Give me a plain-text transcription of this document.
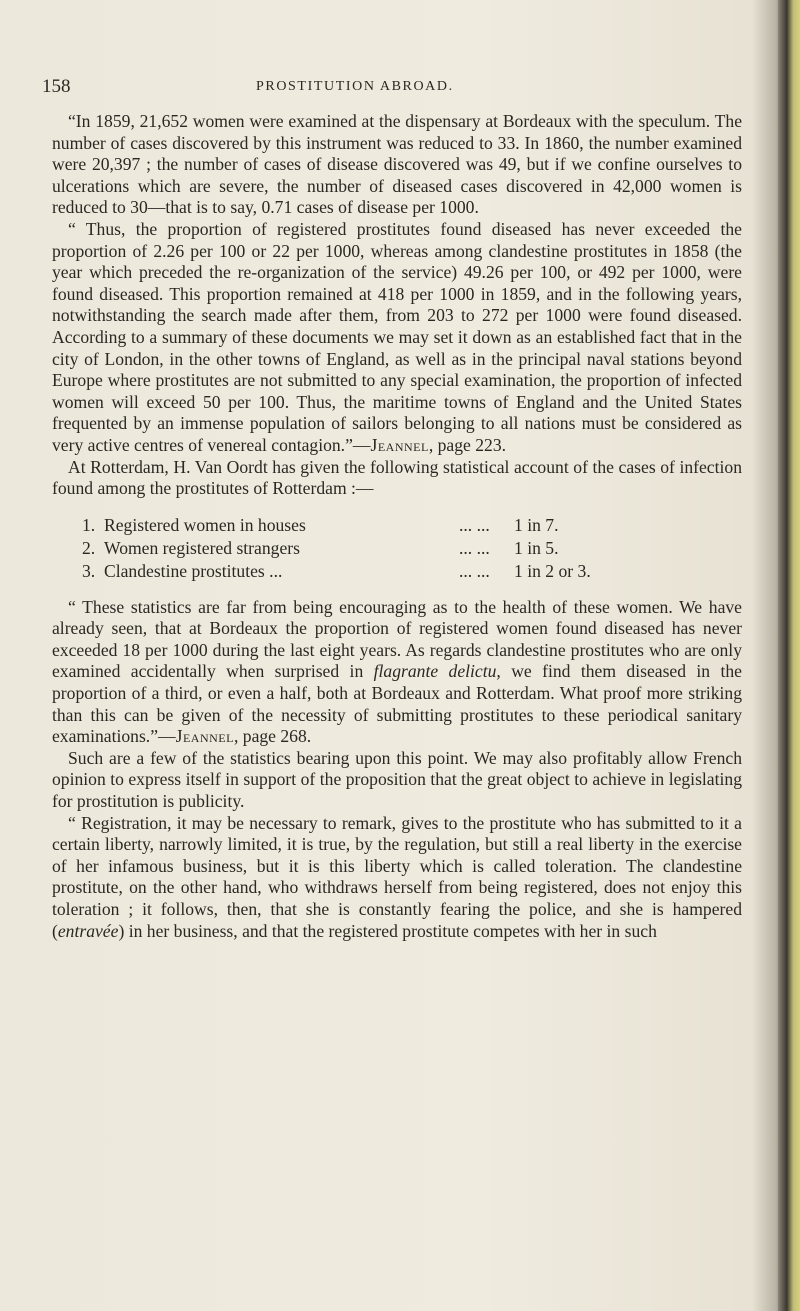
158	PROSTITUTION ABROAD.

“In 1859, 21,652 women were examined at the dispensary at Bordeaux with the speculum. The number of cases discovered by this instrument was reduced to 33. In 1860, the number examined were 20,397 ; the number of cases of disease discovered was 49, but if we confine ourselves to ulcerations which are severe, the number of diseased cases discovered in 42,000 women is reduced to 30—that is to say, 0.71 cases of disease per 1000.

“ Thus, the proportion of registered prostitutes found diseased has never exceeded the proportion of 2.26 per 100 or 22 per 1000, whereas among clandestine prostitutes in 1858 (the year which preceded the re-organization of the service) 49.26 per 100, or 492 per 1000, were found diseased. This proportion remained at 418 per 1000 in 1859, and in the following years, notwithstanding the search made after them, from 203 to 272 per 1000 were found diseased. According to a summary of these documents we may set it down as an established fact that in the city of London, in the other towns of England, as well as in the principal naval stations beyond Europe where prostitutes are not submitted to any special examination, the proportion of infected women will exceed 50 per 100. Thus, the maritime towns of England and the United States frequented by an immense population of sailors belonging to all nations must be considered as very active centres of venereal contagion.”—Jeannel, page 223.

At Rotterdam, H. Van Oordt has given the following statistical account of the cases of infection found among the prostitutes of Rotterdam :—

1. Registered women in houses	... ...	1 in 7.
2. Women registered strangers	... ...	1 in 5.
3. Clandestine prostitutes ...	... ...	1 in 2 or 3.

“ These statistics are far from being encouraging as to the health of these women. We have already seen, that at Bordeaux the proportion of registered women found diseased has never exceeded 18 per 1000 during the last eight years. As regards clandestine prostitutes who are only examined accidentally when surprised in flagrante delictu, we find them diseased in the proportion of a third, or even a half, both at Bordeaux and Rotterdam. What proof more striking than this can be given of the necessity of submitting prostitutes to these periodical sanitary examinations.”—Jeannel, page 268.

Such are a few of the statistics bearing upon this point. We may also profitably allow French opinion to express itself in support of the proposition that the great object to achieve in legislating for prostitution is publicity.

“ Registration, it may be necessary to remark, gives to the prostitute who has submitted to it a certain liberty, narrowly limited, it is true, by the regulation, but still a real liberty in the exercise of her infamous business, but it is this liberty which is called toleration. The clandestine prostitute, on the other hand, who withdraws herself from being registered, does not enjoy this toleration ; it follows, then, that she is constantly fearing the police, and she is hampered (entravée) in her business, and that the registered prostitute competes with her in such
